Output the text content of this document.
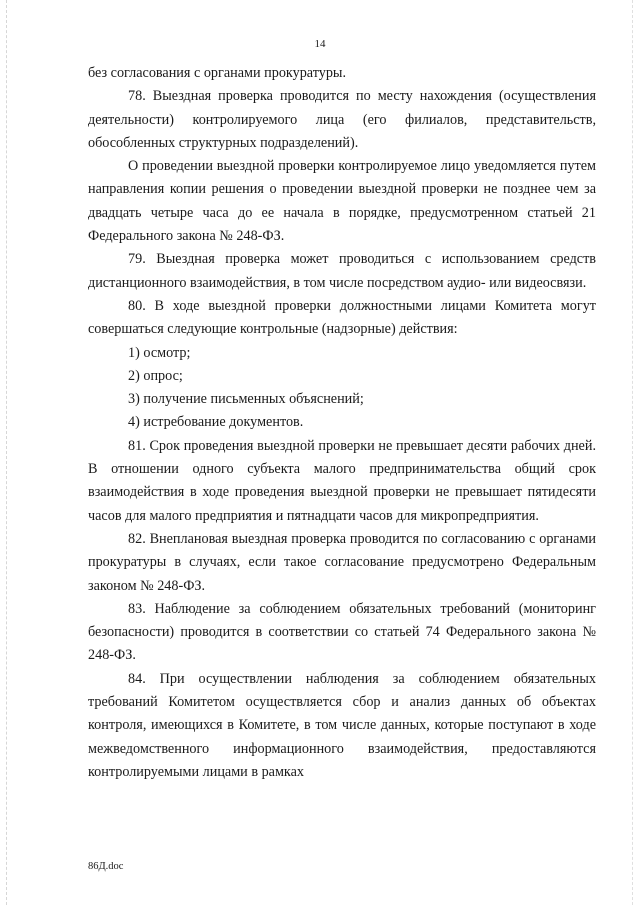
14

без согласования с органами прокуратуры.

78. Выездная проверка проводится по месту нахождения (осуществления деятельности) контролируемого лица (его филиалов, представительств, обособленных структурных подразделений).

О проведении выездной проверки контролируемое лицо уведомляется путем направления копии решения о проведении выездной проверки не позднее чем за двадцать четыре часа до ее начала в порядке, предусмотренном статьей 21 Федерального закона № 248-ФЗ.

79. Выездная проверка может проводиться с использованием средств дистанционного взаимодействия, в том числе посредством аудио- или видеосвязи.

80. В ходе выездной проверки должностными лицами Комитета могут совершаться следующие контрольные (надзорные) действия:

1) осмотр;

2) опрос;

3) получение письменных объяснений;

4) истребование документов.

81. Срок проведения выездной проверки не превышает десяти рабочих дней. В отношении одного субъекта малого предпринимательства общий срок взаимодействия в ходе проведения выездной проверки не превышает пятидесяти часов для малого предприятия и пятнадцати часов для микропредприятия.

82. Внеплановая выездная проверка проводится по согласованию с органами прокуратуры в случаях, если такое согласование предусмотрено Федеральным законом № 248-ФЗ.

83. Наблюдение за соблюдением обязательных требований (мониторинг безопасности) проводится в соответствии со статьей 74 Федерального закона № 248-ФЗ.

84. При осуществлении наблюдения за соблюдением обязательных требований Комитетом осуществляется сбор и анализ данных об объектах контроля, имеющихся в Комитете, в том числе данных, которые поступают в ходе межведомственного информационного взаимодействия, предоставляются контролируемыми лицами в рамках

86Д.doc
